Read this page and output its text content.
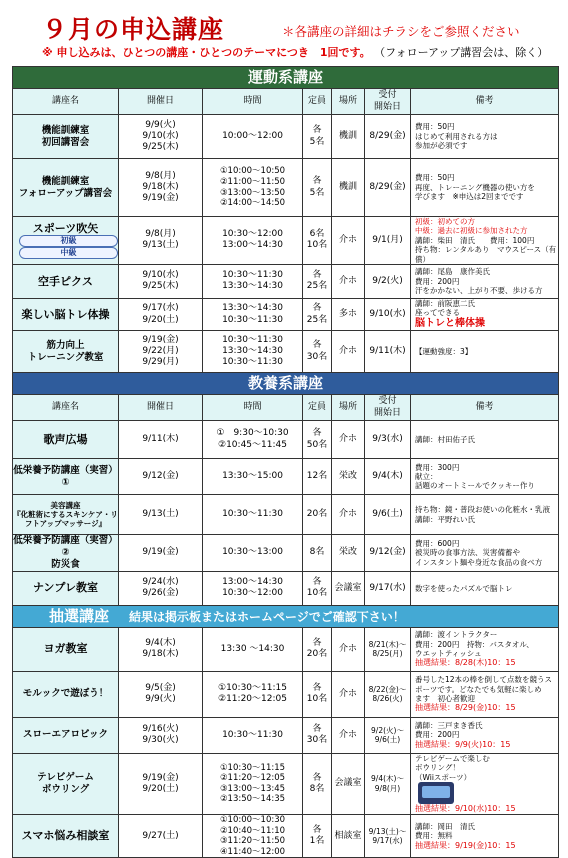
９月の申込講座	＊各講座の詳細はチラシをご参照ください
※ 申し込みは、ひとつの講座・ひとつのテーマにつき　1回です。 （フォローアップ講習会は、除く）
運動系講座						
講座名	開催日	時間	定員	場所	受付
開始日	備考

機能訓練室
初回講習会	9/9(火)
9/10(水)
9/25(木)	10:00～12:00	各
5名	機訓	8/29(金)	費用：50円
はじめて利用される方は
参加が必須です

機能訓練室
フォローアップ講習会	9/8(月)
9/18(木)
9/19(金)	①10:00～10:50
②11:00～11:50
③13:00～13:50
②14:00～14:50	各
5名	機訓	8/29(金)	費用：50円
再度、トレーニング機器の使い方を
学びます　※申込は2回までです

スポーツ吹矢
初級
中級	9/8(月)
9/13(土)	10:30～12:00
13:00～14:30	6名
10名	介ホ	9/1(月)	初級：初めての方
中級：過去に初級に参加された方
講師：柴田　清氏　　費用：100円
持ち物：レンタルあり　マウスピース（有償）

空手ピクス	9/10(水)
9/25(木)	10:30～11:30
13:30～14:30	各
25名	介ホ	9/2(火)	講師：尾島　康作美氏
費用：200円
汗をかかない、上がり不要、歩ける方

楽しい脳トレ体操	9/17(水)
9/20(土)	13:30～14:30
10:30～11:30	各
25名	多ホ	9/10(水)	講師：前阪恵二氏
座ってできる
脳トレと棒体操

筋力向上
トレーニング教室	9/19(金)
9/22(月)
9/29(月)	10:30～11:30
13:30～14:30
10:30～11:30	各
30名	介ホ	9/11(木)	【運動強度：3】

教養系講座						
講座名	開催日	時間	定員	場所	受付
開始日	備考

歌声広場	9/11(木)	①　9:30～10:30
②10:45～11:45	各
50名	介ホ	9/3(水)	講師：村田佑子氏

低栄養予防講座（実習）①	9/12(金)	13:30～15:00	12名	栄改	9/4(木)	費用：300円
献立：
話題のオートミールでクッキー作り

美容講座
『化粧術にするスキンケア・リフトアップマッサージ』	9/13(土)	10:30～11:30	20名	介ホ	9/6(土)	持ち物：鏡・普段お使いの化粧水・乳液
講師：平野れい氏

低栄養予防講座（実習）②
防災食	9/19(金)	10:30～13:00	8名	栄改	9/12(金)	費用：600円
被災時の食事方法、災害備蓄や
インスタント麺や身近な食品の食べ方

ナンプレ教室	9/24(水)
9/26(金)	13:00～14:30
10:30～12:00	各
10名	会議室	9/17(水)	数字を使ったパズルで脳トレ

抽選講座 結果は掲示板またはホームページでご確認下さい！						

ヨガ教室	9/4(木)
9/18(木)	13:30 ～14:30	各
20名	介ホ	8/21(木)～
8/25(月)	講師：渡イントラクター
費用：200円　持物：バスタオル、
ウエットティッシュ
抽選結果：8/28(木)10：15

モルックで遊ぼう！	9/5(金)
9/9(火)	①10:30～11:15
②11:20～12:05	各
10名	介ホ	8/22(金)～
8/26(火)	番号した12本の棒を倒して点数を競うス
ポーツです。どなたでも気軽に楽しめ
ます　初心者歓迎
抽選結果：8/29(金)10：15

スローエアロビック	9/16(火)
9/30(火)	10:30～11:30	各
30名	介ホ	9/2(火)～
9/6(土)	講師：三戸まき香氏
費用：200円
抽選結果：9/9(火)10：15

テレビゲーム
ボウリング	9/19(金)
9/20(土)	①10:30～11:15
②11:20～12:05
③13:00～13:45
②13:50～14:35	各
8名	会議室	9/4(木)～
9/8(月)	テレビゲームで楽しむ
ボウリング！
（Wiiスポーツ）
抽選結果：9/10(水)10：15

スマホ悩み相談室	9/27(土)	①10:00～10:30
②10:40～11:10
③11:20～11:50
④11:40～12:00	各
1名	相談室	9/13(土)～
9/17(水)	講師：岡田　清氏
費用：無料
抽選結果：9/19(金)10：15
